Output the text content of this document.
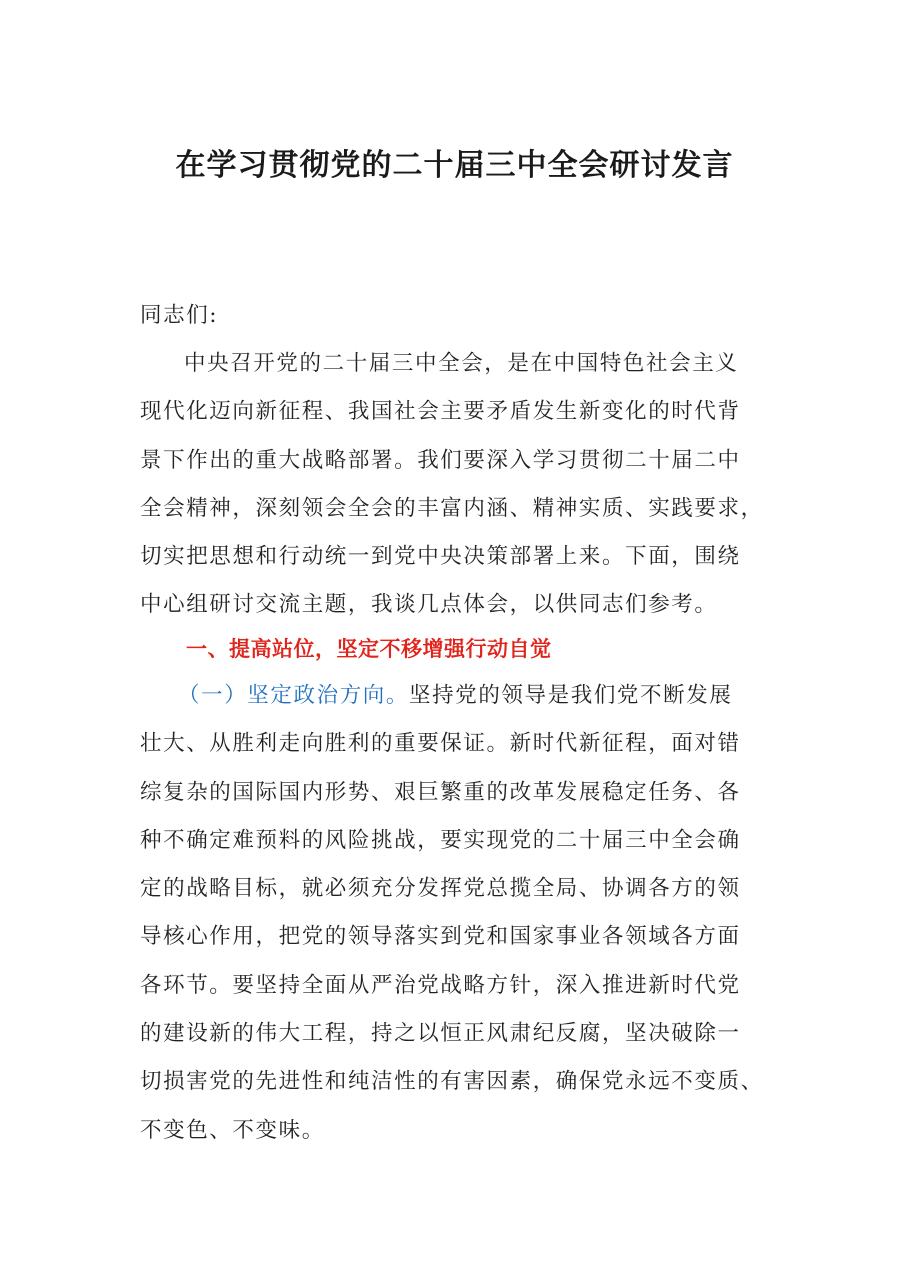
在学习贯彻党的二十届三中全会研讨发言
同志们:
中央召开党的二十届三中全会，是在中国特色社会主义
现代化迈向新征程、我国社会主要矛盾发生新变化的时代背
景下作出的重大战略部署。我们要深入学习贯彻二十届二中
全会精神，深刻领会全会的丰富内涵、精神实质、实践要求，
切实把思想和行动统一到党中央决策部署上来。下面，围绕
中心组研讨交流主题，我谈几点体会，以供同志们参考。
一、提高站位，坚定不移增强行动自觉
（一）坚定政治方向。坚持党的领导是我们党不断发展
壮大、从胜利走向胜利的重要保证。新时代新征程，面对错
综复杂的国际国内形势、艰巨繁重的改革发展稳定任务、各
种不确定难预料的风险挑战，要实现党的二十届三中全会确
定的战略目标，就必须充分发挥党总揽全局、协调各方的领
导核心作用，把党的领导落实到党和国家事业各领域各方面
各环节。要坚持全面从严治党战略方针，深入推进新时代党
的建设新的伟大工程，持之以恒正风肃纪反腐，坚决破除一
切损害党的先进性和纯洁性的有害因素，确保党永远不变质、
不变色、不变味。
